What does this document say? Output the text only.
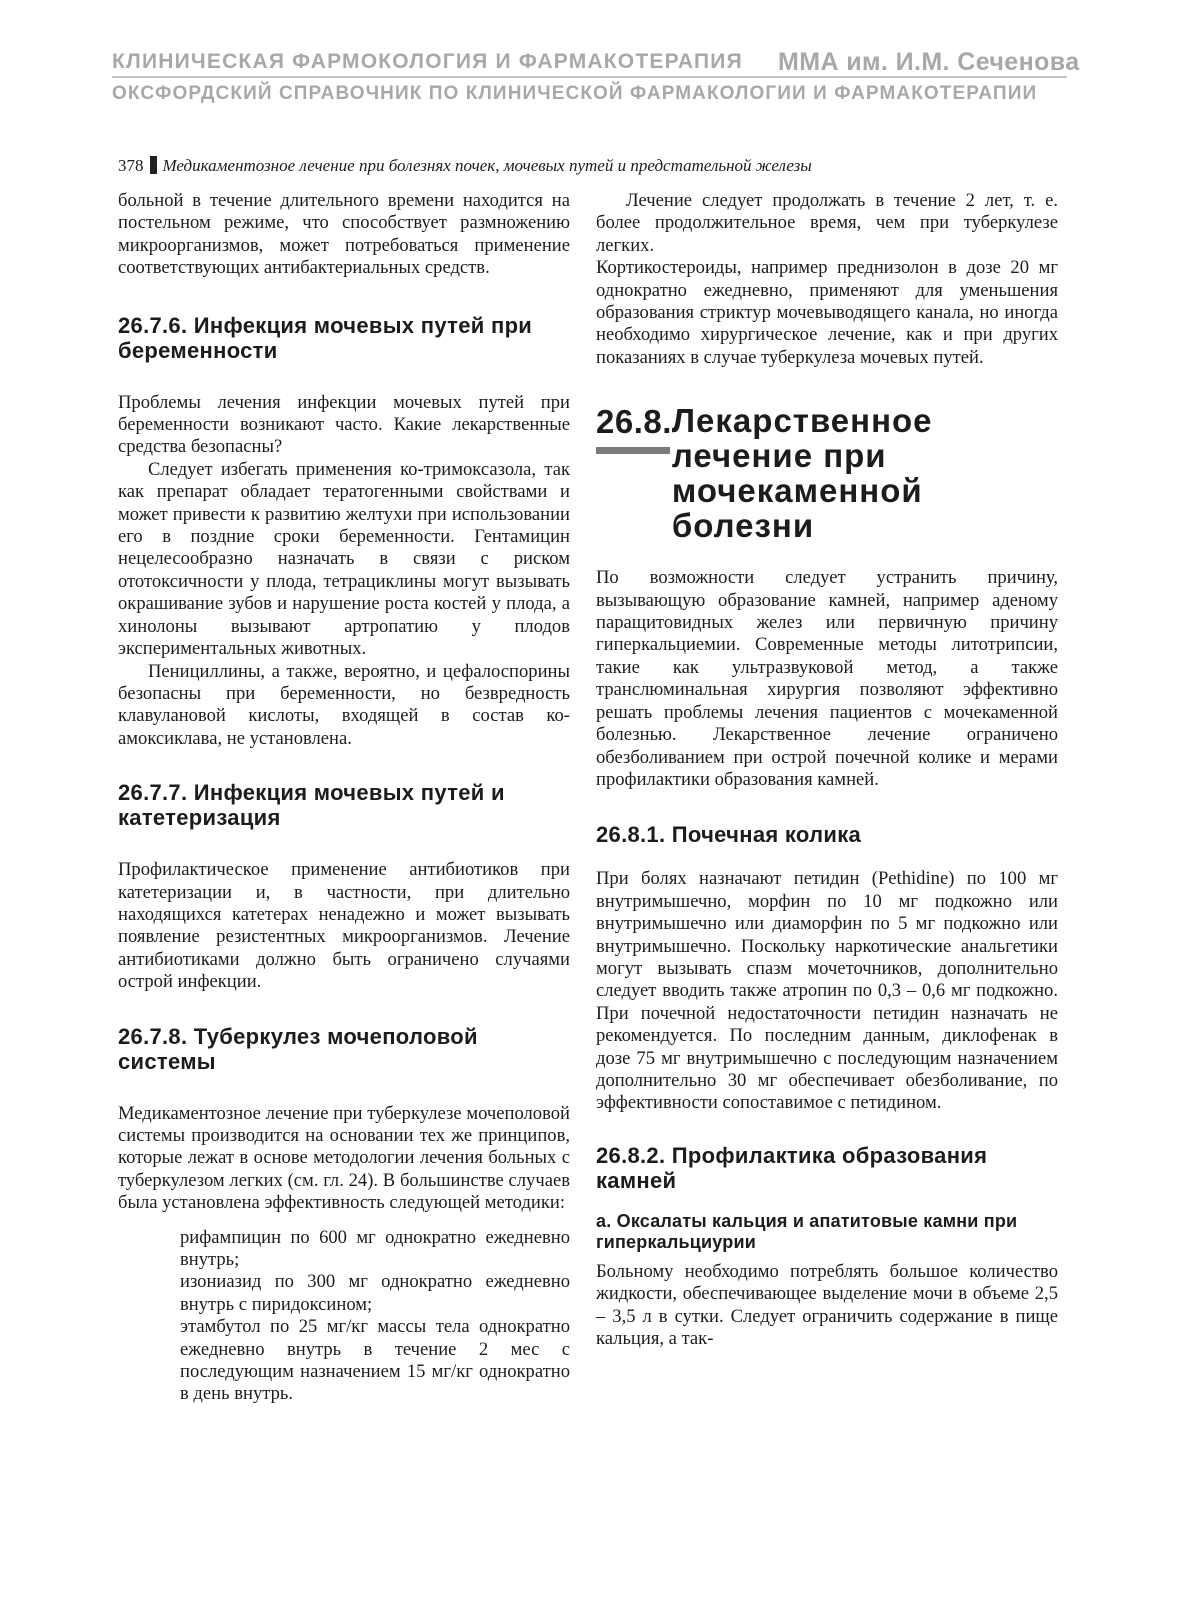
КЛИНИЧЕСКАЯ ФАРМОКОЛОГИЯ И ФАРМАКОТЕРАПИЯ ММА им. И.М. Сеченова
ОКСФОРДСКИЙ СПРАВОЧНИК ПО КЛИНИЧЕСКОЙ ФАРМАКОЛОГИИ И ФАРМАКОТЕРАПИИ
378 Медикаментозное лечение при болезнях почек, мочевых путей и предстательной железы

больной в течение длительного времени находится на постельном режиме, что способствует размножению микроорганизмов, может потребоваться применение соответствующих антибактериальных средств.

26.7.6. Инфекция мочевых путей при беременности

Проблемы лечения инфекции мочевых путей при беременности возникают часто. Какие лекарственные средства безопасны?

Следует избегать применения ко-тримоксазола, так как препарат обладает тератогенными свойствами и может привести к развитию желтухи при использовании его в поздние сроки беременности. Гентамицин нецелесообразно назначать в связи с риском ототоксичности у плода, тетрациклины могут вызывать окрашивание зубов и нарушение роста костей у плода, а хинолоны вызывают артропатию у плодов экспериментальных животных.

Пенициллины, а также, вероятно, и цефалоспорины безопасны при беременности, но безвредность клавулановой кислоты, входящей в состав ко-амоксиклава, не установлена.

26.7.7. Инфекция мочевых путей и катетеризация

Профилактическое применение антибиотиков при катетеризации и, в частности, при длительно находящихся катетерах ненадежно и может вызывать появление резистентных микроорганизмов. Лечение антибиотиками должно быть ограничено случаями острой инфекции.

26.7.8. Туберкулез мочеполовой системы

Медикаментозное лечение при туберкулезе мочеполовой системы производится на основании тех же принципов, которые лежат в основе методологии лечения больных с туберкулезом легких (см. гл. 24). В большинстве случаев была установлена эффективность следующей методики:

рифампицин по 600 мг однократно ежедневно внутрь;
изониазид по 300 мг однократно ежедневно внутрь с пиридоксином;
этамбутол по 25 мг/кг массы тела однократно ежедневно внутрь в течение 2 мес с последующим назначением 15 мг/кг однократно в день внутрь.

Лечение следует продолжать в течение 2 лет, т. е. более продолжительное время, чем при туберкулезе легких.

Кортикостероиды, например преднизолон в дозе 20 мг однократно ежедневно, применяют для уменьшения образования стриктур мочевыводящего канала, но иногда необходимо хирургическое лечение, как и при других показаниях в случае туберкулеза мочевых путей.

26.8. Лекарственное лечение при мочекаменной болезни

По возможности следует устранить причину, вызывающую образование камней, например аденому паращитовидных желез или первичную причину гиперкальциемии. Современные методы литотрипсии, такие как ультразвуковой метод, а также транслюминальная хирургия позволяют эффективно решать проблемы лечения пациентов с мочекаменной болезнью. Лекарственное лечение ограничено обезболиванием при острой почечной колике и мерами профилактики образования камней.

26.8.1. Почечная колика

При болях назначают петидин (Pethidine) по 100 мг внутримышечно, морфин по 10 мг подкожно или внутримышечно или диаморфин по 5 мг подкожно или внутримышечно. Поскольку наркотические анальгетики могут вызывать спазм мочеточников, дополнительно следует вводить также атропин по 0,3 – 0,6 мг подкожно. При почечной недостаточности петидин назначать не рекомендуется. По последним данным, диклофенак в дозе 75 мг внутримышечно с последующим назначением дополнительно 30 мг обеспечивает обезболивание, по эффективности сопоставимое с петидином.

26.8.2. Профилактика образования камней
а. Оксалаты кальция и апатитовые камни при гиперкальциурии

Больному необходимо потреблять большое количество жидкости, обеспечивающее выделение мочи в объеме 2,5 – 3,5 л в сутки. Следует ограничить содержание в пище кальция, а так-
